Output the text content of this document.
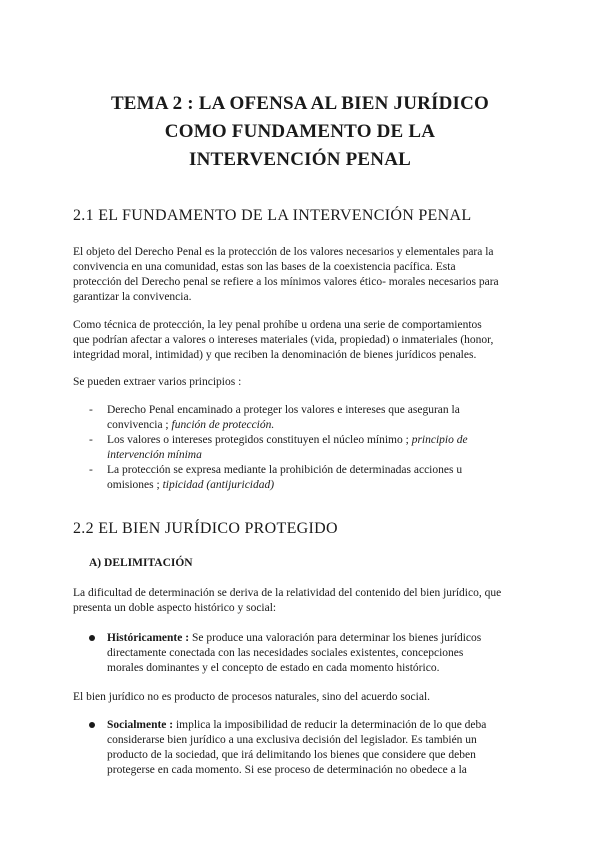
TEMA 2 : LA OFENSA AL BIEN JURÍDICO
COMO FUNDAMENTO DE LA
INTERVENCIÓN PENAL
2.1 EL FUNDAMENTO DE LA INTERVENCIÓN PENAL
El objeto del Derecho Penal es la protección de los valores necesarios y elementales para la
convivencia en una comunidad, estas son las bases de la coexistencia pacífica. Esta
protección del Derecho penal se refiere a los mínimos valores ético- morales necesarios para
garantizar la convivencia.
Como técnica de protección, la ley penal prohíbe u ordena una serie de comportamientos
que podrían afectar a valores o intereses materiales (vida, propiedad) o inmateriales (honor,
integridad moral, intimidad) y que reciben la denominación de bienes jurídicos penales.
Se pueden extraer varios principios :
- Derecho Penal encaminado a proteger los valores e intereses que aseguran la
convivencia ; función de protección.
- Los valores o intereses protegidos constituyen el núcleo mínimo ; principio de
intervención mínima
- La protección se expresa mediante la prohibición de determinadas acciones u
omisiones ; tipicidad (antijuricidad)
2.2 EL BIEN JURÍDICO PROTEGIDO
A) DELIMITACIÓN
La dificultad de determinación se deriva de la relatividad del contenido del bien jurídico, que
presenta un doble aspecto histórico y social:
Históricamente : Se produce una valoración para determinar los bienes jurídicos
directamente conectada con las necesidades sociales existentes, concepciones
morales dominantes y el concepto de estado en cada momento histórico.
El bien jurídico no es producto de procesos naturales, sino del acuerdo social.
Socialmente : implica la imposibilidad de reducir la determinación de lo que deba
considerarse bien jurídico a una exclusiva decisión del legislador. Es también un
producto de la sociedad, que irá delimitando los bienes que considere que deben
protegerse en cada momento. Si ese proceso de determinación no obedece a la
